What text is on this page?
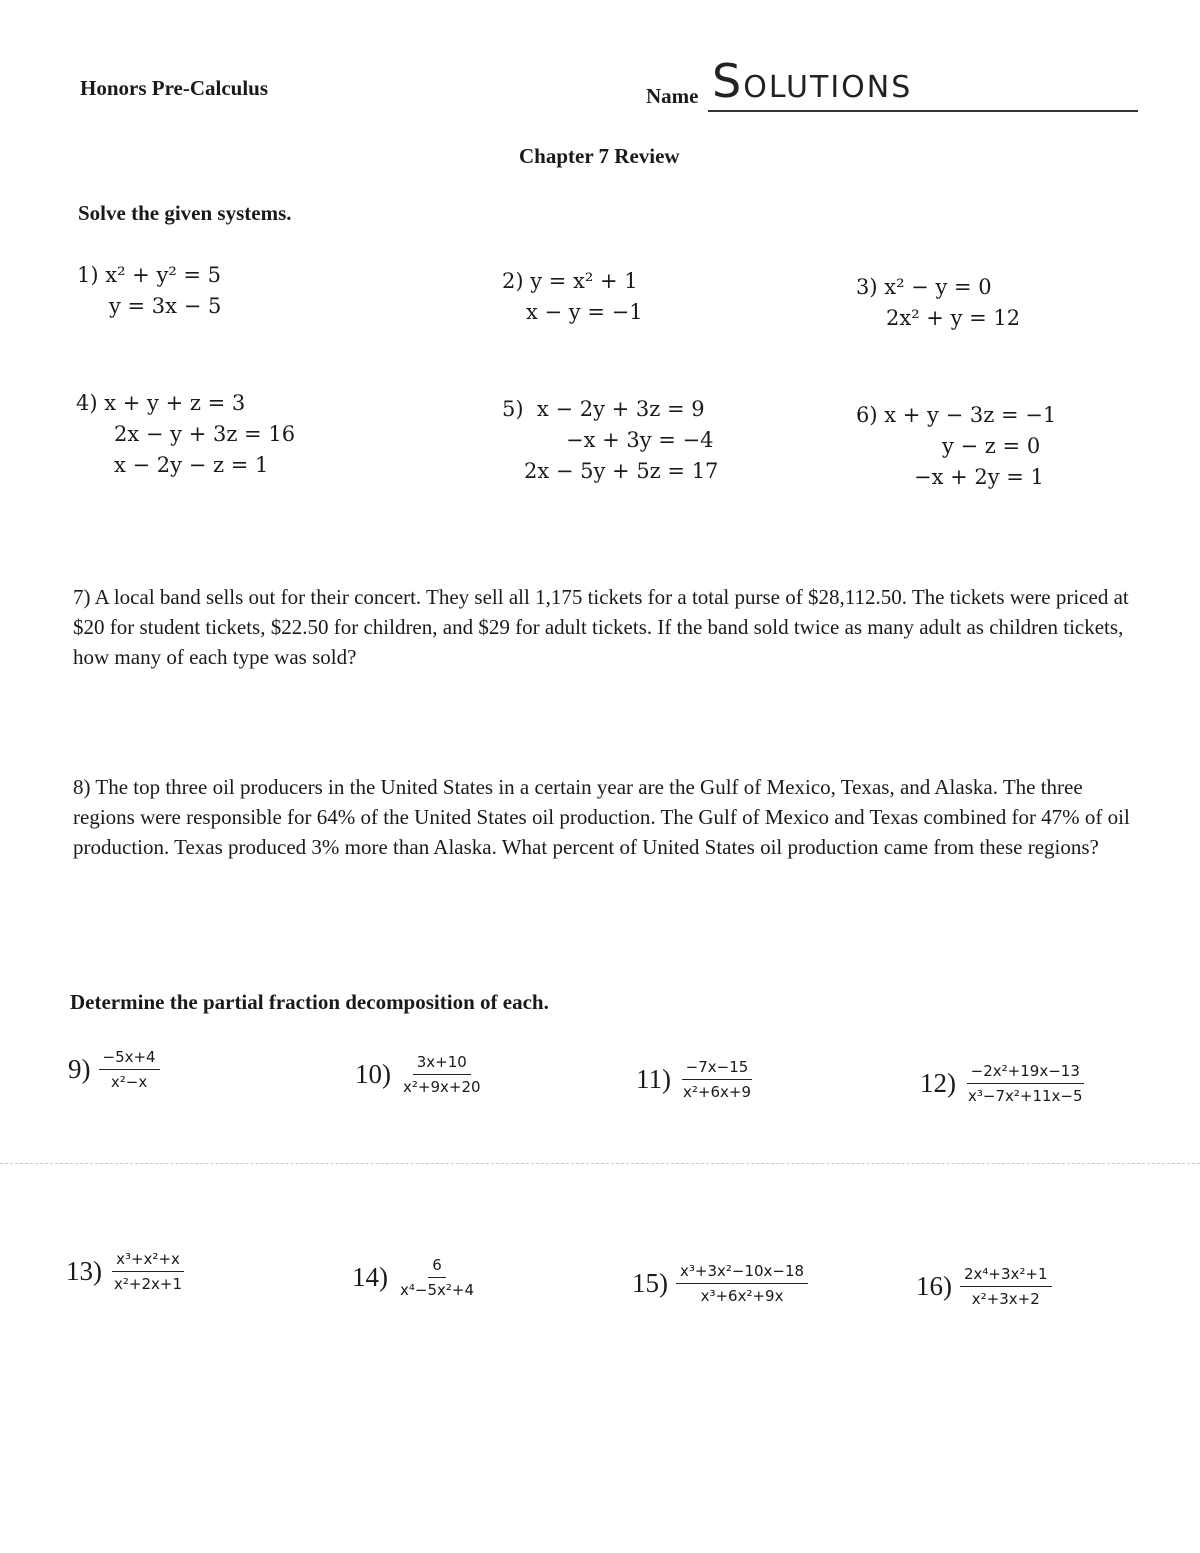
Honors Pre-Calculus	Name SOLUTIONS
Chapter 7 Review
Solve the given systems.
1) x² + y² = 5
y = 3x − 5
2) y = x² + 1
x − y = −1
3) x² − y = 0
2x² + y = 12
4) x + y + z = 3
2x − y + 3z = 16
x − 2y − z = 1
5) x − 2y + 3z = 9
−x + 3y = −4
2x − 5y + 5z = 17
6) x + y − 3z = −1
y − z = 0
−x + 2y = 1
7) A local band sells out for their concert. They sell all 1,175 tickets for a total purse of $28,112.50. The tickets were priced at $20 for student tickets, $22.50 for children, and $29 for adult tickets. If the band sold twice as many adult as children tickets, how many of each type was sold?
8) The top three oil producers in the United States in a certain year are the Gulf of Mexico, Texas, and Alaska. The three regions were responsible for 64% of the United States oil production. The Gulf of Mexico and Texas combined for 47% of oil production. Texas produced 3% more than Alaska. What percent of United States oil production came from these regions?
Determine the partial fraction decomposition of each.
$9) \frac{-5x+4}{\text{x²−x}}$	$10) \frac{3x+10}{\text{x²+9x+20}}$	$11) \frac{-7x-15}{\text{x²+6x+9}}$	$12) \frac{\text{−2x²+19x−13}}{\text{x³−7x²+11x−5}}$
$13) \frac{\text{x³+x²+x}}{\text{x²+2x+1}}$	$14) \frac{6}{\text{x⁴−5x²+4}}$	$15) \frac{\text{x³+3x²−10x−18}}{\text{x³+6x²+9x}}$	$16) \frac{\text{2x⁴+3x²+1}}{\text{x²+3x+2}}$
